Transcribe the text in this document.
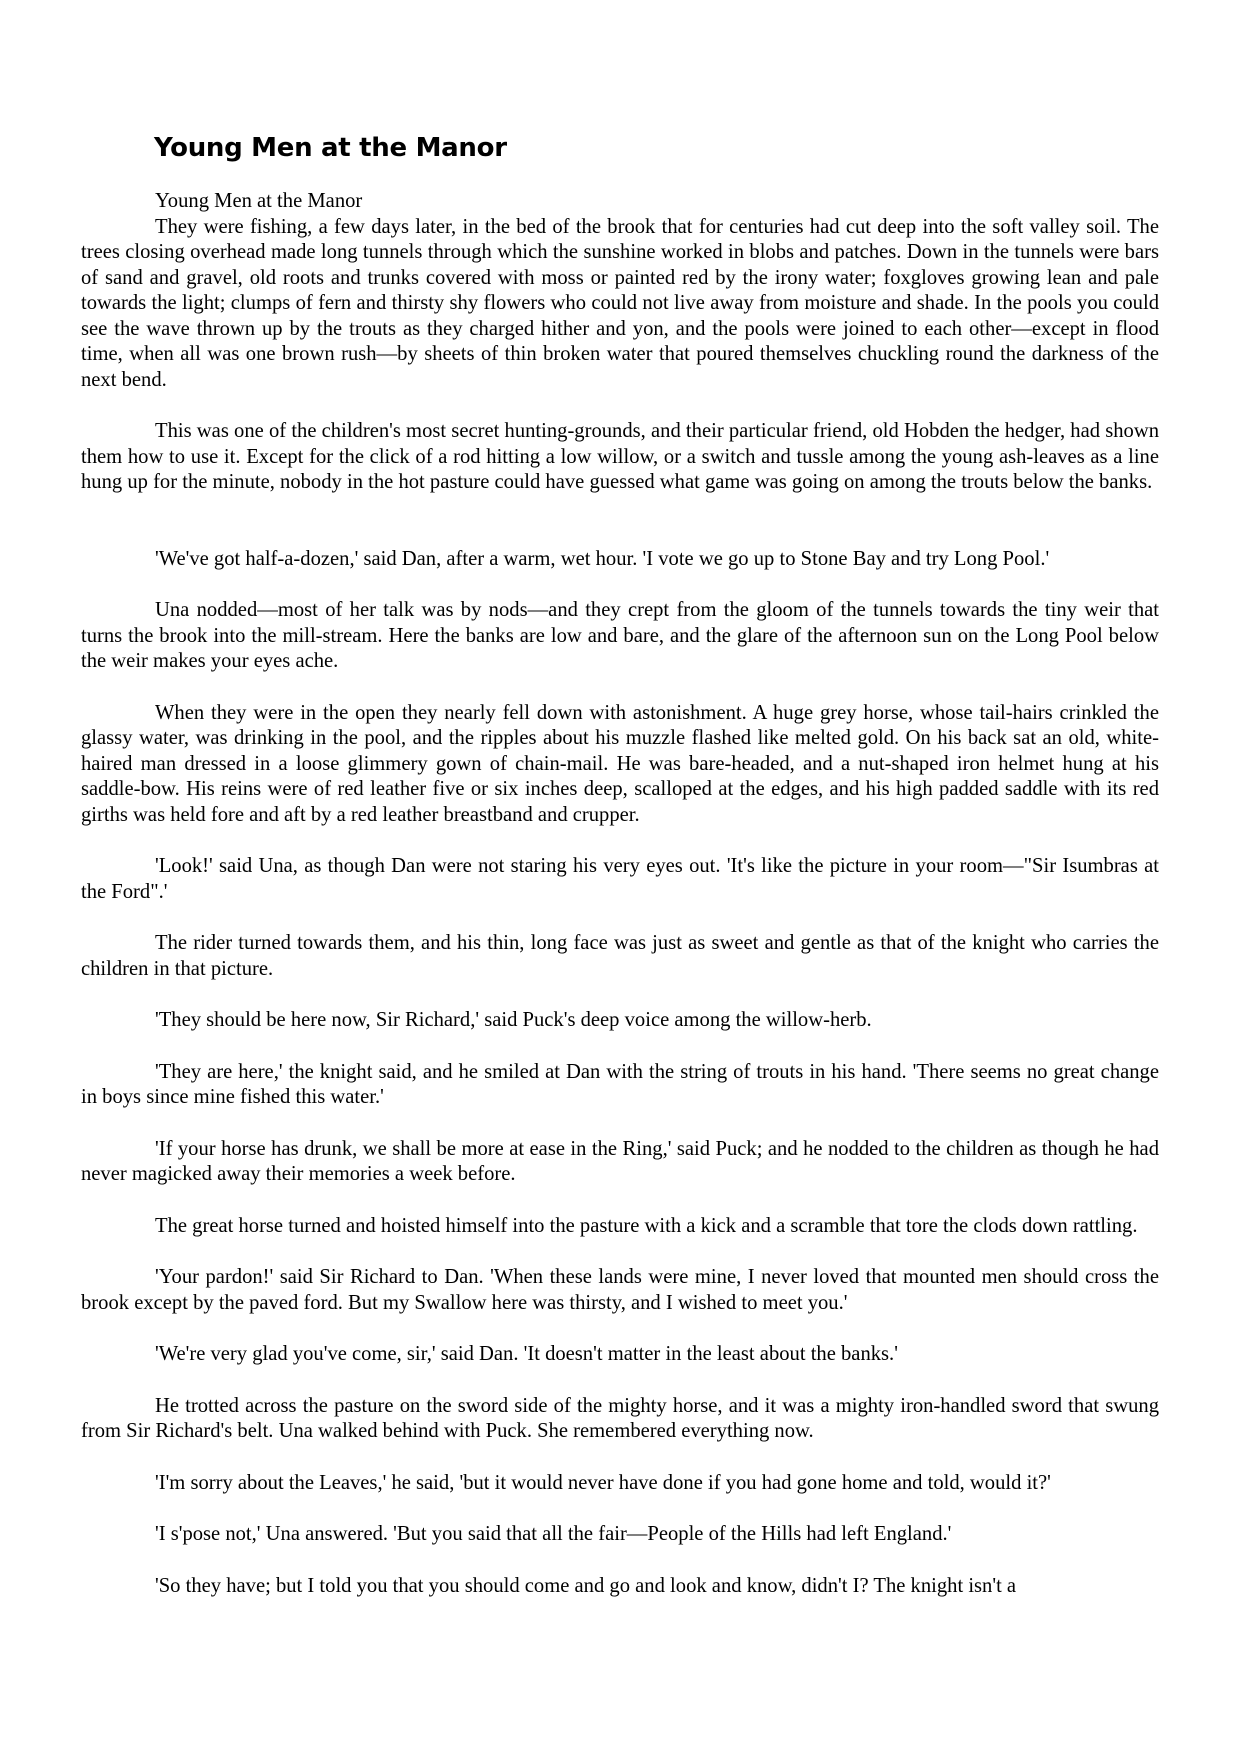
Young Men at the Manor

Young Men at the Manor

They were fishing, a few days later, in the bed of the brook that for centuries had cut deep into the soft valley soil. The trees closing overhead made long tunnels through which the sunshine worked in blobs and patches. Down in the tunnels were bars of sand and gravel, old roots and trunks covered with moss or painted red by the irony water; foxgloves growing lean and pale towards the light; clumps of fern and thirsty shy flowers who could not live away from moisture and shade. In the pools you could see the wave thrown up by the trouts as they charged hither and yon, and the pools were joined to each other—except in flood time, when all was one brown rush—by sheets of thin broken water that poured themselves chuckling round the darkness of the next bend.

This was one of the children's most secret hunting-grounds, and their particular friend, old Hobden the hedger, had shown them how to use it. Except for the click of a rod hitting a low willow, or a switch and tussle among the young ash-leaves as a line hung up for the minute, nobody in the hot pasture could have guessed what game was going on among the trouts below the banks.

'We've got half-a-dozen,' said Dan, after a warm, wet hour. 'I vote we go up to Stone Bay and try Long Pool.'

Una nodded—most of her talk was by nods—and they crept from the gloom of the tunnels towards the tiny weir that turns the brook into the mill-stream. Here the banks are low and bare, and the glare of the afternoon sun on the Long Pool below the weir makes your eyes ache.

When they were in the open they nearly fell down with astonishment. A huge grey horse, whose tail-hairs crinkled the glassy water, was drinking in the pool, and the ripples about his muzzle flashed like melted gold. On his back sat an old, white-haired man dressed in a loose glimmery gown of chain-mail. He was bare-headed, and a nut-shaped iron helmet hung at his saddle-bow. His reins were of red leather five or six inches deep, scalloped at the edges, and his high padded saddle with its red girths was held fore and aft by a red leather breastband and crupper.

'Look!' said Una, as though Dan were not staring his very eyes out. 'It's like the picture in your room—"Sir Isumbras at the Ford".'

The rider turned towards them, and his thin, long face was just as sweet and gentle as that of the knight who carries the children in that picture.

'They should be here now, Sir Richard,' said Puck's deep voice among the willow-herb.

'They are here,' the knight said, and he smiled at Dan with the string of trouts in his hand. 'There seems no great change in boys since mine fished this water.'

'If your horse has drunk, we shall be more at ease in the Ring,' said Puck; and he nodded to the children as though he had never magicked away their memories a week before.

The great horse turned and hoisted himself into the pasture with a kick and a scramble that tore the clods down rattling.

'Your pardon!' said Sir Richard to Dan. 'When these lands were mine, I never loved that mounted men should cross the brook except by the paved ford. But my Swallow here was thirsty, and I wished to meet you.'

'We're very glad you've come, sir,' said Dan. 'It doesn't matter in the least about the banks.'

He trotted across the pasture on the sword side of the mighty horse, and it was a mighty iron-handled sword that swung from Sir Richard's belt. Una walked behind with Puck. She remembered everything now.

'I'm sorry about the Leaves,' he said, 'but it would never have done if you had gone home and told, would it?'

'I s'pose not,' Una answered. 'But you said that all the fair—People of the Hills had left England.'

'So they have; but I told you that you should come and go and look and know, didn't I? The knight isn't a
